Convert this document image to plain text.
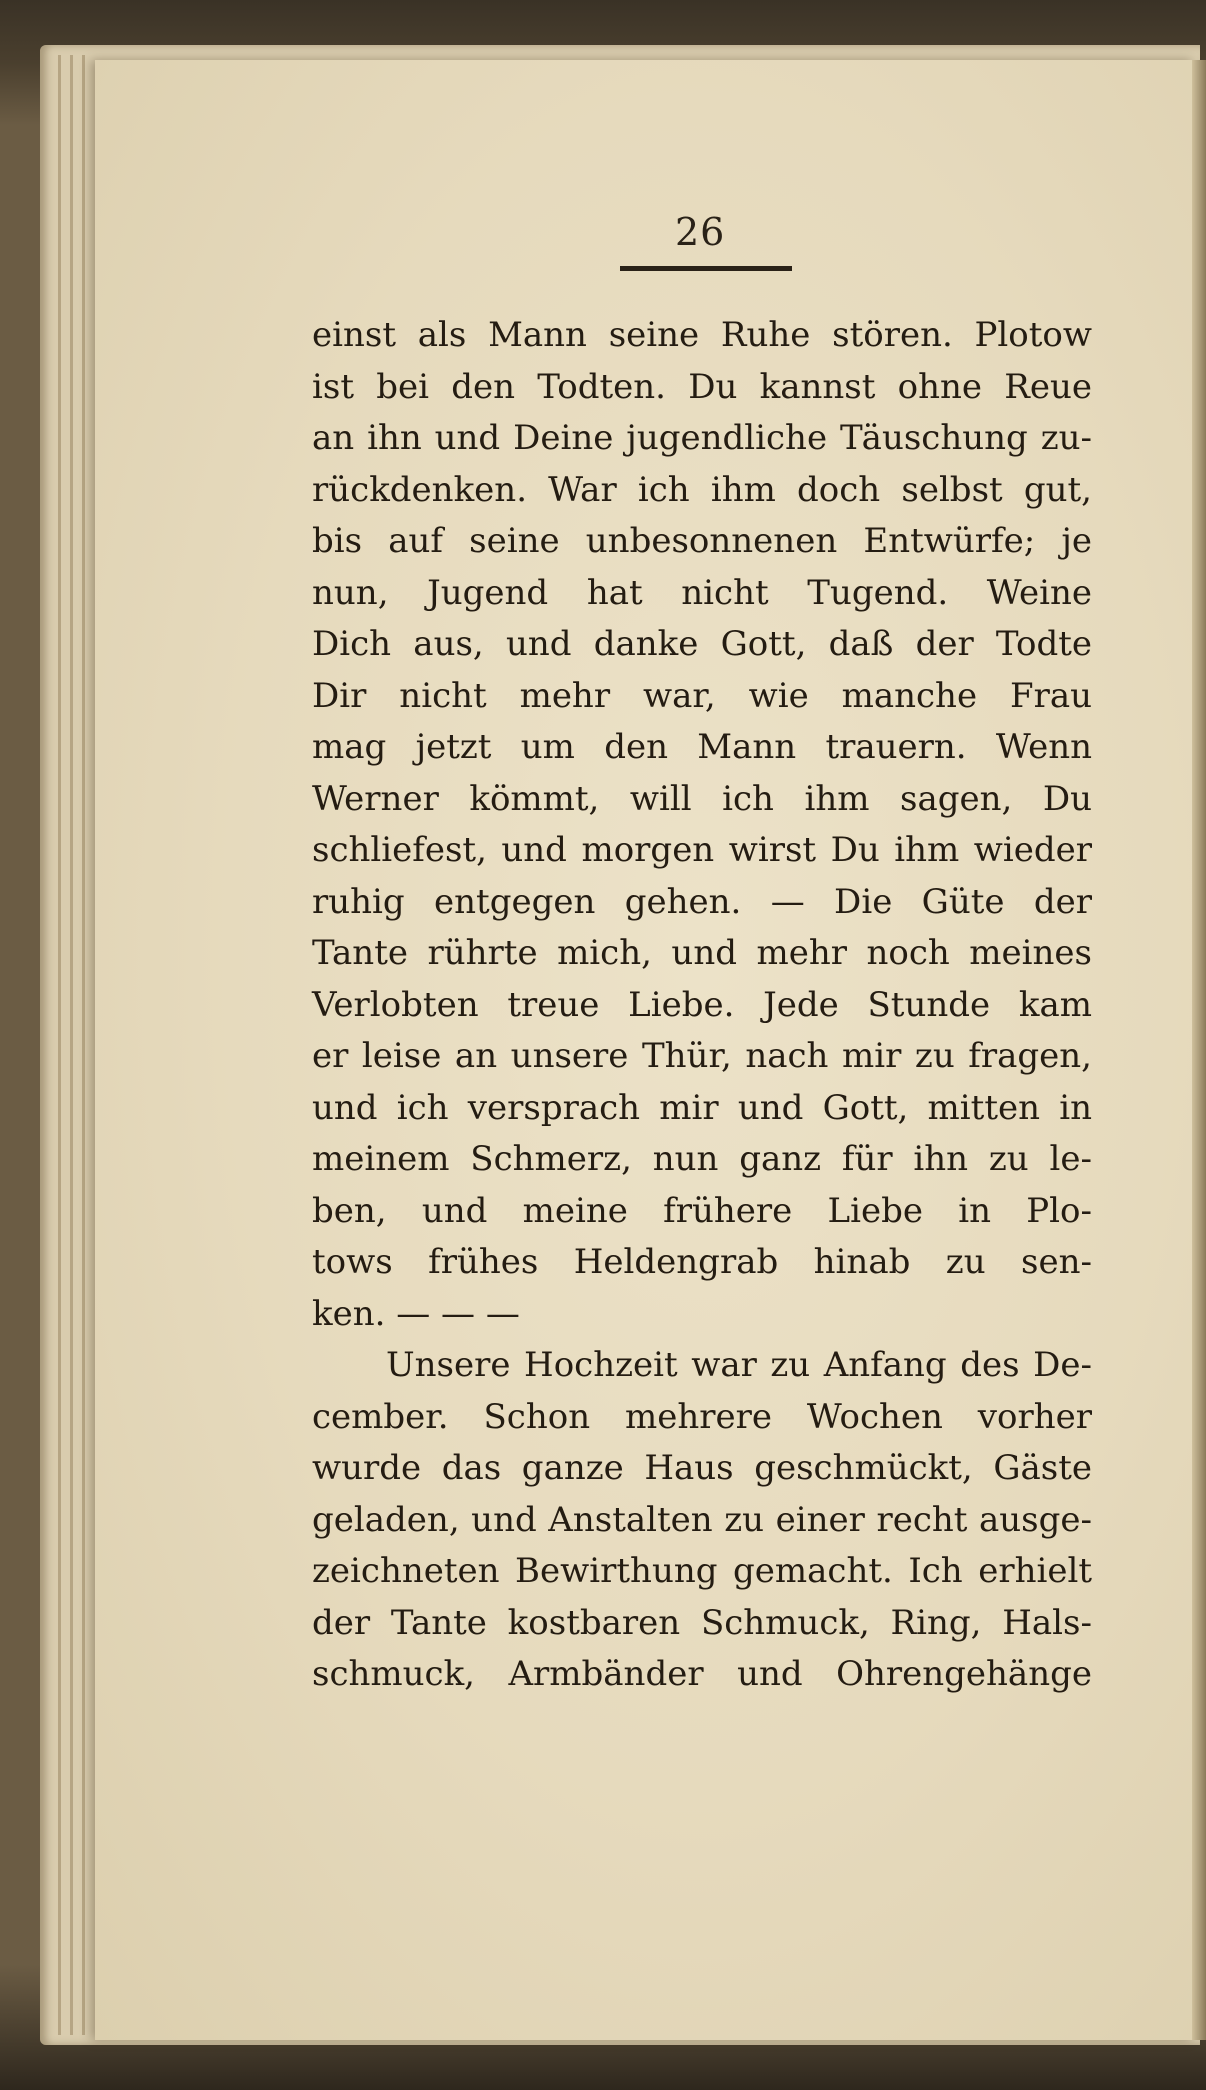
26
einst als Mann seine Ruhe stören. Plotow
ist bei den Todten. Du kannst ohne Reue
an ihn und Deine jugendliche Täuschung zu-
rückdenken. War ich ihm doch selbst gut,
bis auf seine unbesonnenen Entwürfe; je
nun, Jugend hat nicht Tugend. Weine
Dich aus, und danke Gott, daß der Todte
Dir nicht mehr war, wie manche Frau
mag jetzt um den Mann trauern. Wenn
Werner kömmt, will ich ihm sagen, Du
schliefest, und morgen wirst Du ihm wieder
ruhig entgegen gehen. — Die Güte der
Tante rührte mich, und mehr noch meines
Verlobten treue Liebe. Jede Stunde kam
er leise an unsere Thür, nach mir zu fragen,
und ich versprach mir und Gott, mitten in
meinem Schmerz, nun ganz für ihn zu le-
ben, und meine frühere Liebe in Plo-
tows frühes Heldengrab hinab zu sen-
ken. — — —
Unsere Hochzeit war zu Anfang des De-
cember. Schon mehrere Wochen vorher
wurde das ganze Haus geschmückt, Gäste
geladen, und Anstalten zu einer recht ausge-
zeichneten Bewirthung gemacht. Ich erhielt
der Tante kostbaren Schmuck, Ring, Hals-
schmuck, Armbänder und Ohrengehänge
